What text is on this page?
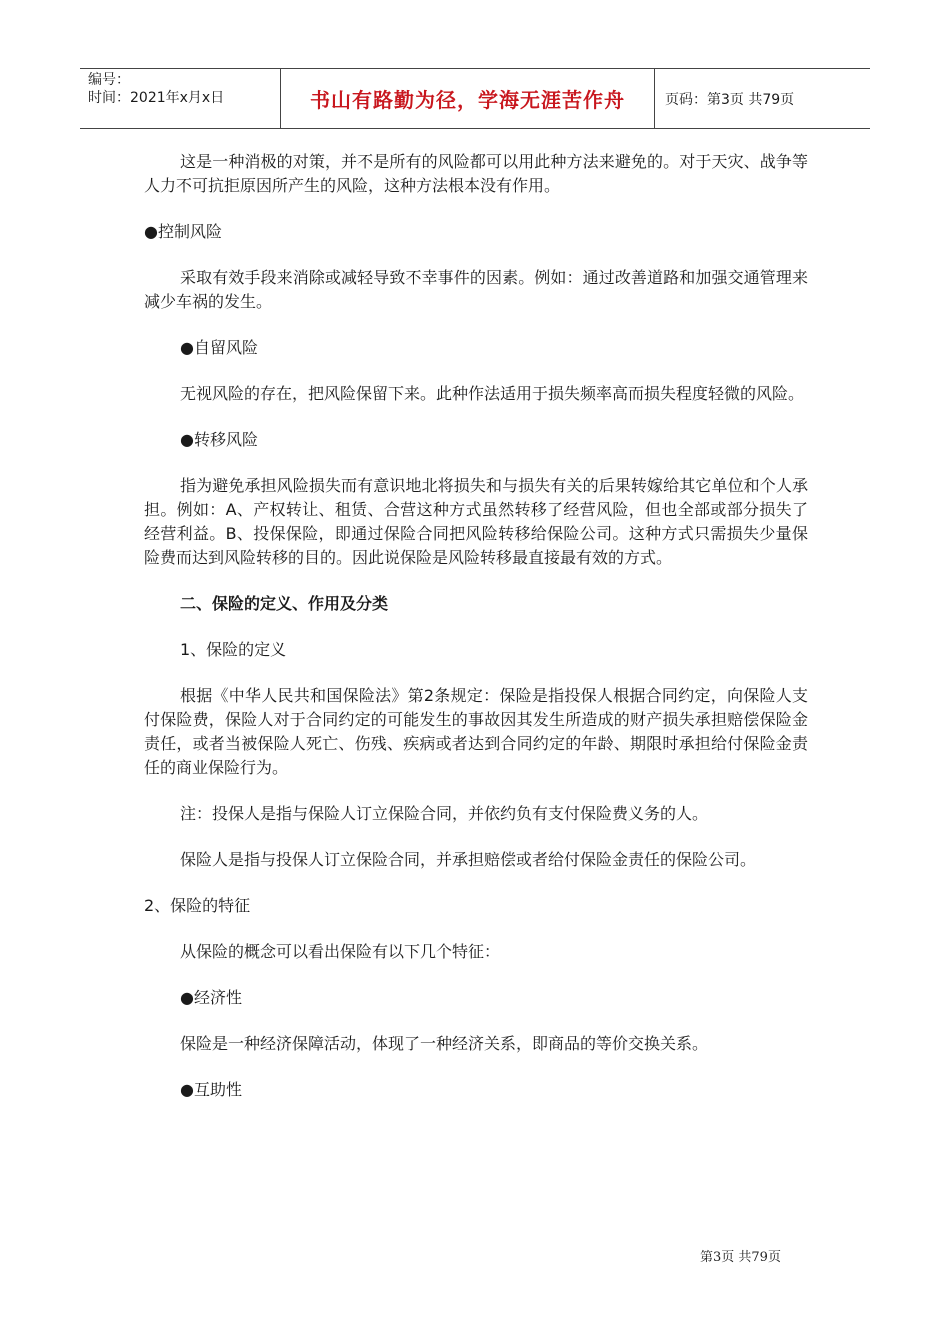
编号：
时间：2021年x月x日	书山有路勤为径，学海无涯苦作舟	页码：第3页 共79页

这是一种消极的对策，并不是所有的风险都可以用此种方法来避免的。对于天灾、战争等人力不可抗拒原因所产生的风险，这种方法根本没有作用。

●控制风险

采取有效手段来消除或减轻导致不幸事件的因素。例如：通过改善道路和加强交通管理来减少车祸的发生。

●自留风险

无视风险的存在，把风险保留下来。此种作法适用于损失频率高而损失程度轻微的风险。

●转移风险

指为避免承担风险损失而有意识地北将损失和与损失有关的后果转嫁给其它单位和个人承担。例如：A、产权转让、租赁、合营这种方式虽然转移了经营风险，但也全部或部分损失了经营利益。B、投保保险，即通过保险合同把风险转移给保险公司。这种方式只需损失少量保险费而达到风险转移的目的。因此说保险是风险转移最直接最有效的方式。

二、保险的定义、作用及分类

1、保险的定义

根据《中华人民共和国保险法》第2条规定：保险是指投保人根据合同约定，向保险人支付保险费，保险人对于合同约定的可能发生的事故因其发生所造成的财产损失承担赔偿保险金责任，或者当被保险人死亡、伤残、疾病或者达到合同约定的年龄、期限时承担给付保险金责任的商业保险行为。

注：投保人是指与保险人订立保险合同，并依约负有支付保险费义务的人。

保险人是指与投保人订立保险合同，并承担赔偿或者给付保险金责任的保险公司。

2、保险的特征

从保险的概念可以看出保险有以下几个特征：

●经济性

保险是一种经济保障活动，体现了一种经济关系，即商品的等价交换关系。

●互助性

第3页 共79页
